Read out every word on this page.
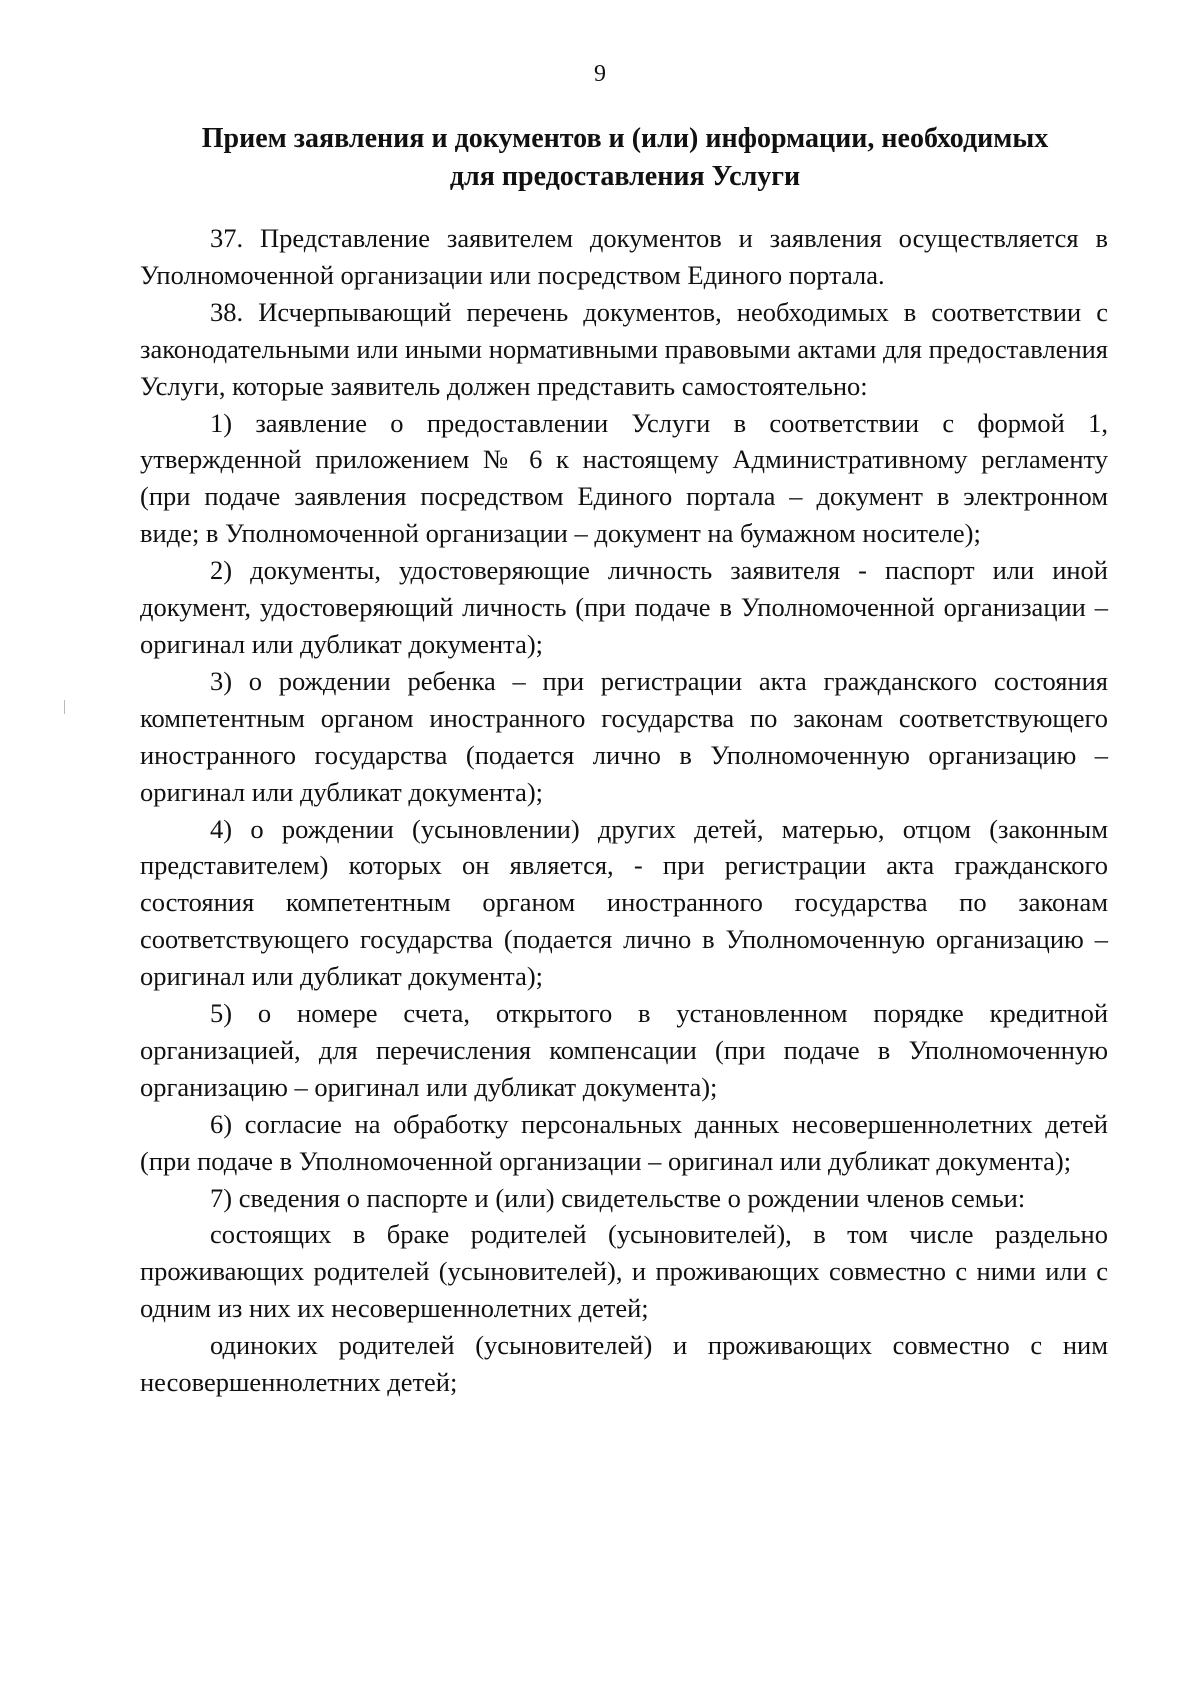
9
Прием заявления и документов и (или) информации, необходимых
для предоставления Услуги

37. Представление заявителем документов и заявления осуществляется в Уполномоченной организации или посредством Единого портала.

38. Исчерпывающий перечень документов, необходимых в соответствии с законодательными или иными нормативными правовыми актами для предоставления Услуги, которые заявитель должен представить самостоятельно:

1) заявление о предоставлении Услуги в соответствии с формой 1, утвержденной приложением № 6 к настоящему Административному регламенту (при подаче заявления посредством Единого портала – документ в электронном виде; в Уполномоченной организации – документ на бумажном носителе);

2) документы, удостоверяющие личность заявителя - паспорт или иной документ, удостоверяющий личность (при подаче в Уполномоченной организации – оригинал или дубликат документа);

3) о рождении ребенка – при регистрации акта гражданского состояния компетентным органом иностранного государства по законам соответствующего иностранного государства (подается лично в Уполномоченную организацию – оригинал или дубликат документа);

4) о рождении (усыновлении) других детей, матерью, отцом (законным представителем) которых он является, - при регистрации акта гражданского состояния компетентным органом иностранного государства по законам соответствующего государства (подается лично в Уполномоченную организацию – оригинал или дубликат документа);

5) о номере счета, открытого в установленном порядке кредитной организацией, для перечисления компенсации (при подаче в Уполномоченную организацию – оригинал или дубликат документа);

6) согласие на обработку персональных данных несовершеннолетних детей (при подаче в Уполномоченной организации – оригинал или дубликат документа);

7) сведения о паспорте и (или) свидетельстве о рождении членов семьи:

состоящих в браке родителей (усыновителей), в том числе раздельно проживающих родителей (усыновителей), и проживающих совместно с ними или с одним из них их несовершеннолетних детей;

одиноких родителей (усыновителей) и проживающих совместно с ним несовершеннолетних детей;
